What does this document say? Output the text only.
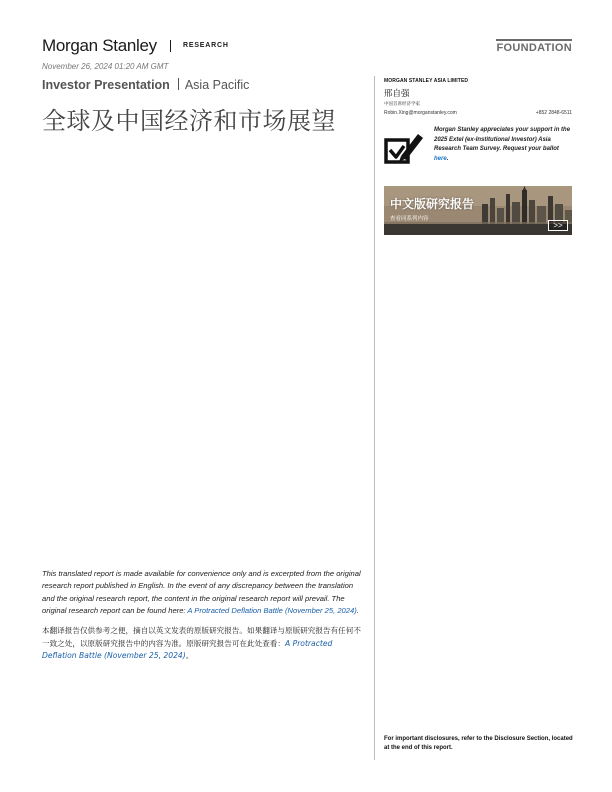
Morgan Stanley	RESEARCH	FOUNDATION
November 26, 2024 01:20 AM GMT
Investor Presentation Asia Pacific
全球及中国经济和市场展望
MORGAN STANLEY ASIA LIMITED
邢自强
中国首席经济学家
Robin.Xing@morganstanley.com	+852 2848-6511
Morgan Stanley appreciates your support in the 2025 Extel (ex-Institutional Investor) Asia Research Team Survey. Request your ballot here.
中文版研究报告
查看同系列内容
>>

This translated report is made available for convenience only and is excerpted from the original research report published in English. In the event of any discrepancy between the translation and the original research report, the content in the original research report will prevail. The original research report can be found here: A Protracted Deflation Battle (November 25, 2024).

本翻译报告仅供参考之便，摘自以英文发表的原版研究报告。如果翻译与原版研究报告有任何不一致之处，以原版研究报告中的内容为准。原版研究报告可在此处查看：A Protracted Deflation Battle (November 25, 2024)。

For important disclosures, refer to the Disclosure Section, located at the end of this report.
